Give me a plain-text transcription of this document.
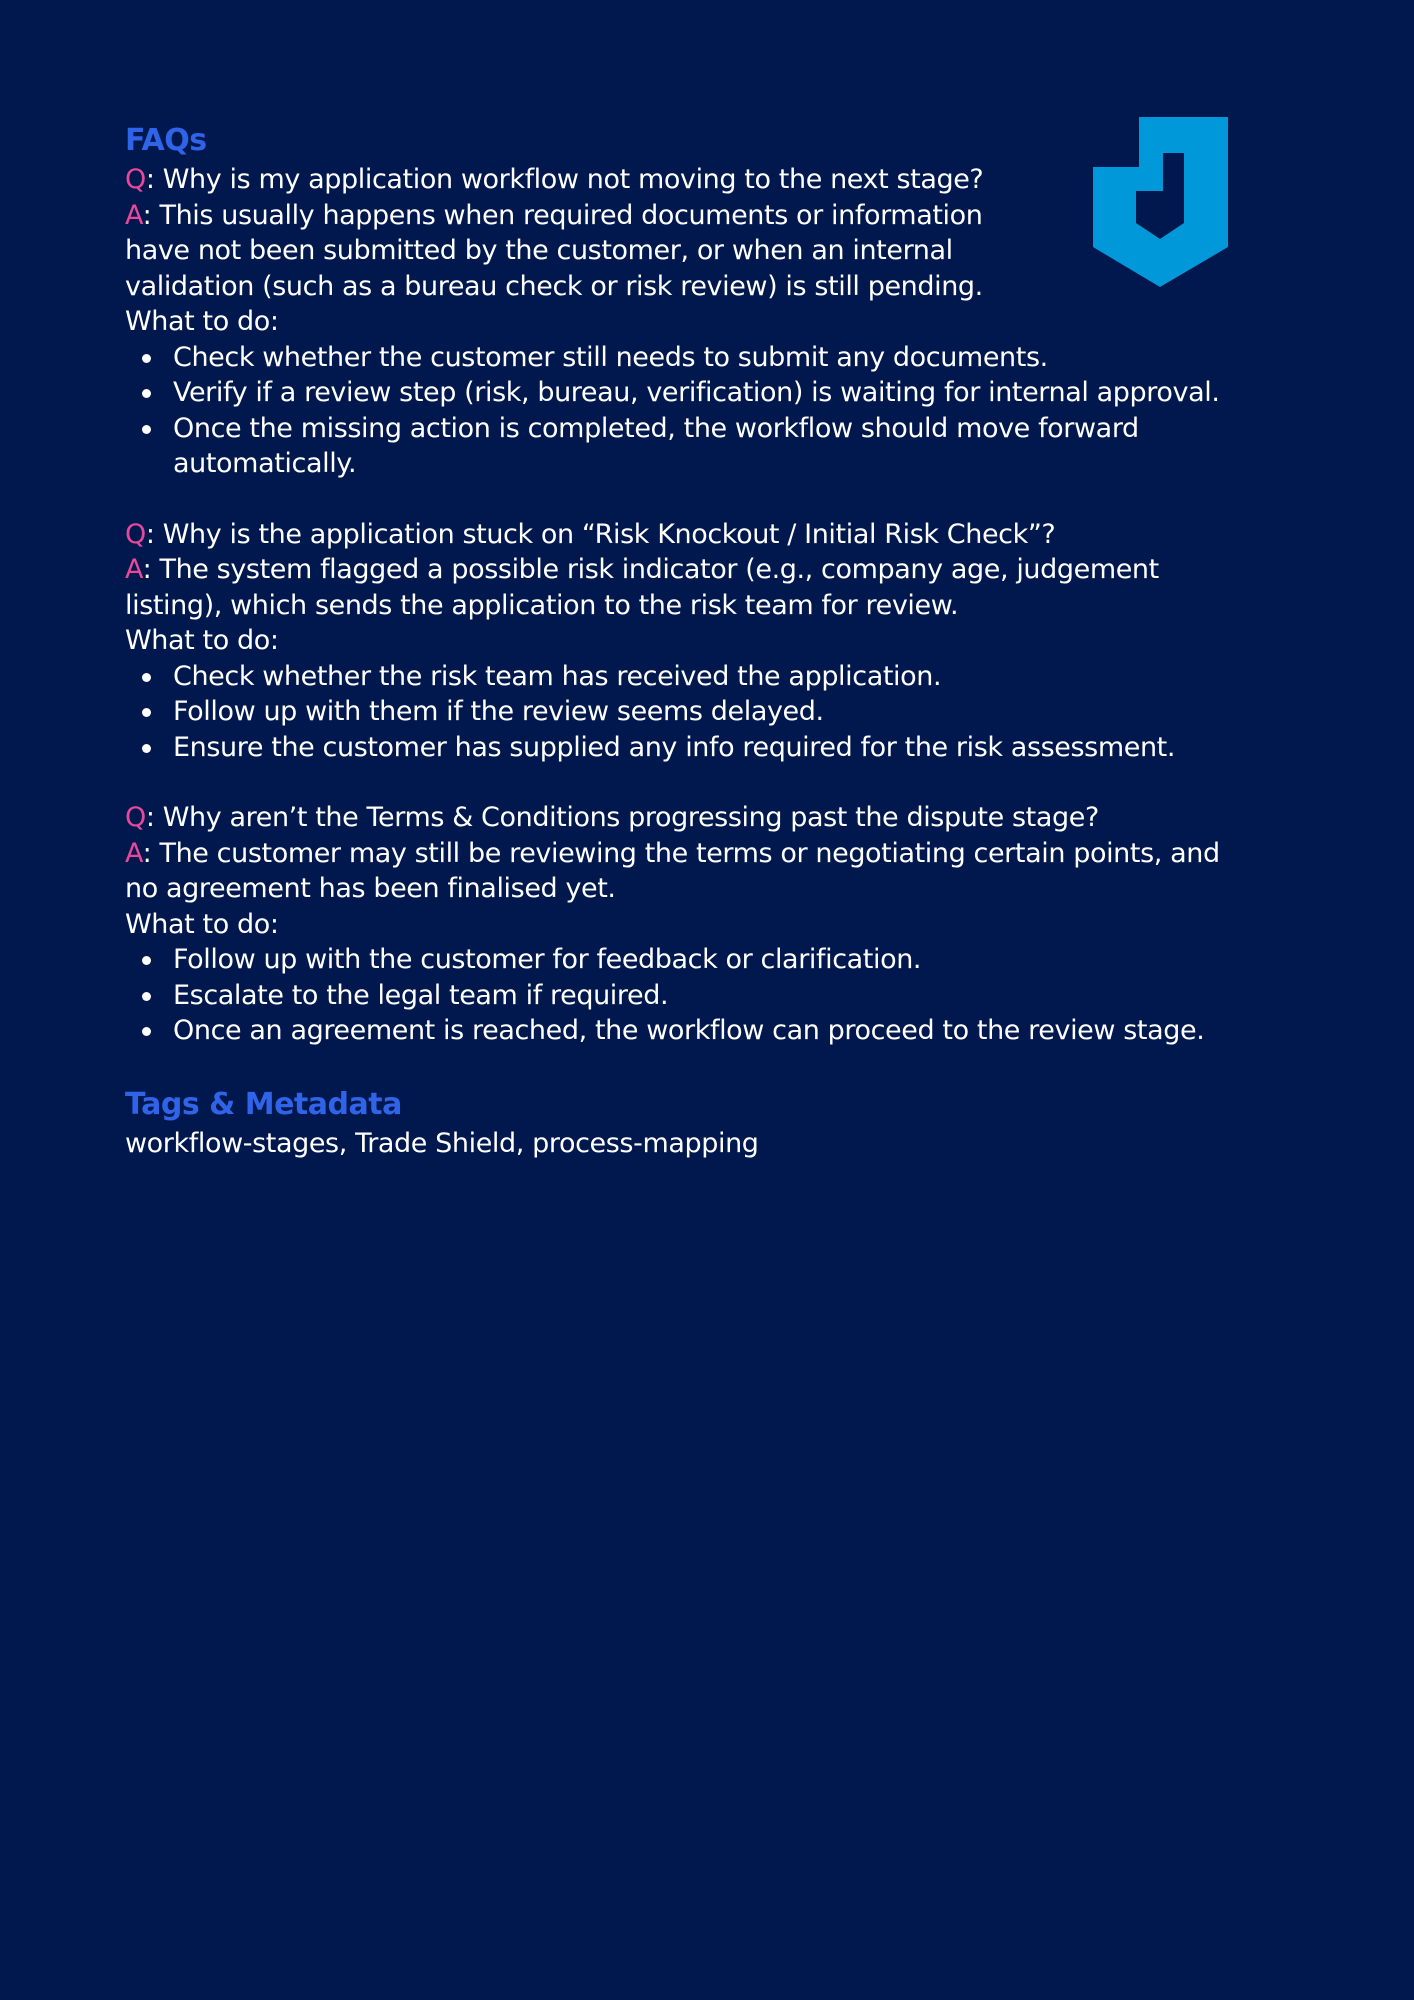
FAQs

Q: Why is my application workflow not moving to the next stage?

A: This usually happens when required documents or information have not been submitted by the customer, or when an internal validation (such as a bureau check or risk review) is still pending.

What to do:

Check whether the customer still needs to submit any documents.
Verify if a review step (risk, bureau, verification) is waiting for internal approval.
Once the missing action is completed, the workflow should move forward automatically.

Q: Why is the application stuck on “Risk Knockout / Initial Risk Check”?

A: The system flagged a possible risk indicator (e.g., company age, judgement listing), which sends the application to the risk team for review.

What to do:

Check whether the risk team has received the application.
Follow up with them if the review seems delayed.
Ensure the customer has supplied any info required for the risk assessment.

Q: Why aren’t the Terms & Conditions progressing past the dispute stage?

A: The customer may still be reviewing the terms or negotiating certain points, and no agreement has been finalised yet.

What to do:

Follow up with the customer for feedback or clarification.
Escalate to the legal team if required.
Once an agreement is reached, the workflow can proceed to the review stage.
Tags & Metadata

workflow-stages, Trade Shield, process-mapping
